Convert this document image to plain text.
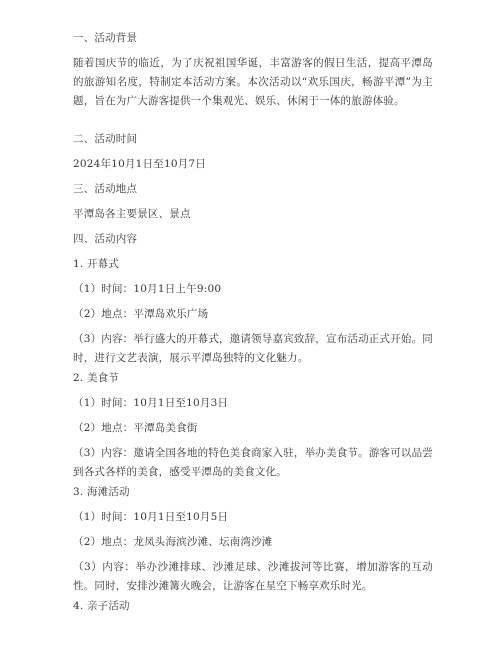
一、活动背景
随着国庆节的临近，为了庆祝祖国华诞，丰富游客的假日生活，提高平潭岛的旅游知名度，特制定本活动方案。本次活动以“欢乐国庆，畅游平潭”为主题，旨在为广大游客提供一个集观光、娱乐、休闲于一体的旅游体验。
二、活动时间
2024年10月1日至10月7日
三、活动地点
平潭岛各主要景区、景点
四、活动内容
1. 开幕式
（1）时间：10月1日上午9:00
（2）地点：平潭岛欢乐广场
（3）内容：举行盛大的开幕式，邀请领导嘉宾致辞，宣布活动正式开始。同时，进行文艺表演，展示平潭岛独特的文化魅力。
2. 美食节
（1）时间：10月1日至10月3日
（2）地点：平潭岛美食街
（3）内容：邀请全国各地的特色美食商家入驻，举办美食节。游客可以品尝到各式各样的美食，感受平潭岛的美食文化。
3. 海滩活动
（1）时间：10月1日至10月5日
（2）地点：龙凤头海滨沙滩、坛南湾沙滩
（3）内容：举办沙滩排球、沙滩足球、沙滩拔河等比赛，增加游客的互动性。同时，安排沙滩篝火晚会，让游客在星空下畅享欢乐时光。
4. 亲子活动
